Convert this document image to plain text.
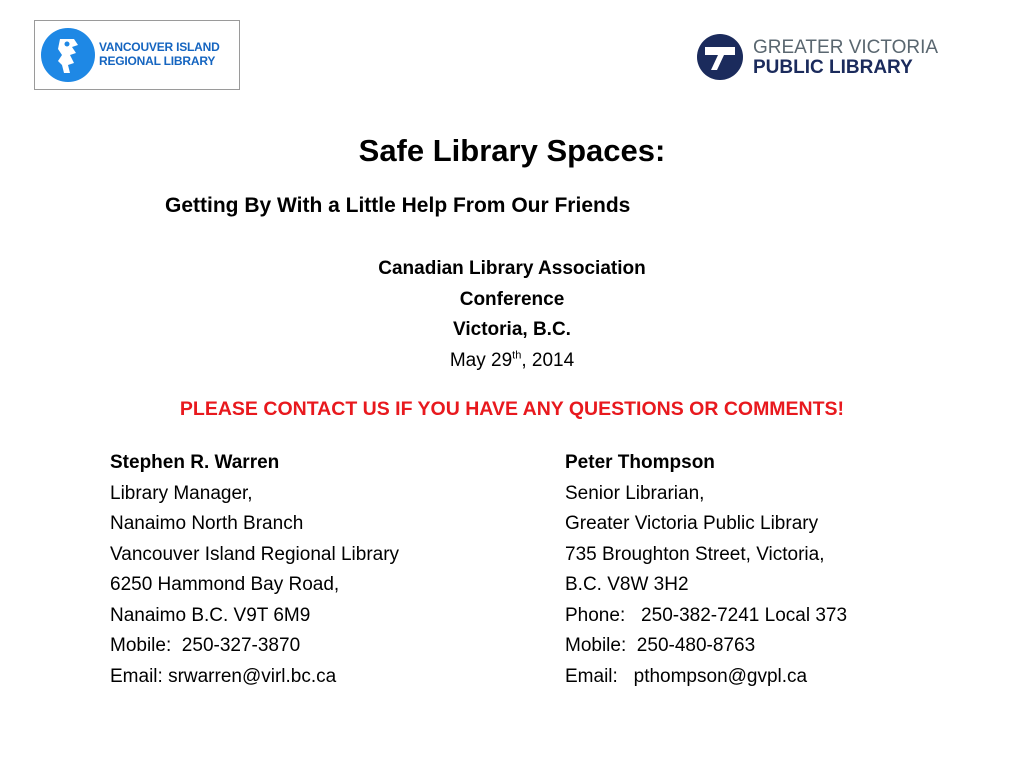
VANCOUVER ISLAND
REGIONAL LIBRARY
GREATER VICTORIA
PUBLIC LIBRARY
Safe Library Spaces:
Getting By With a Little Help From Our Friends
Canadian Library Association
Conference
Victoria, B.C.
May 29th, 2014
PLEASE CONTACT US IF YOU HAVE ANY QUESTIONS OR COMMENTS!
Stephen R. Warren
Library Manager,
Nanaimo North Branch
Vancouver Island Regional Library
6250 Hammond Bay Road,
Nanaimo B.C. V9T 6M9
Mobile:  250-327-3870
Email: srwarren@virl.bc.ca
Peter Thompson
Senior Librarian,
Greater Victoria Public Library
735 Broughton Street, Victoria,
B.C. V8W 3H2
Phone:   250-382-7241 Local 373
Mobile:  250-480-8763
Email:   pthompson@gvpl.ca
